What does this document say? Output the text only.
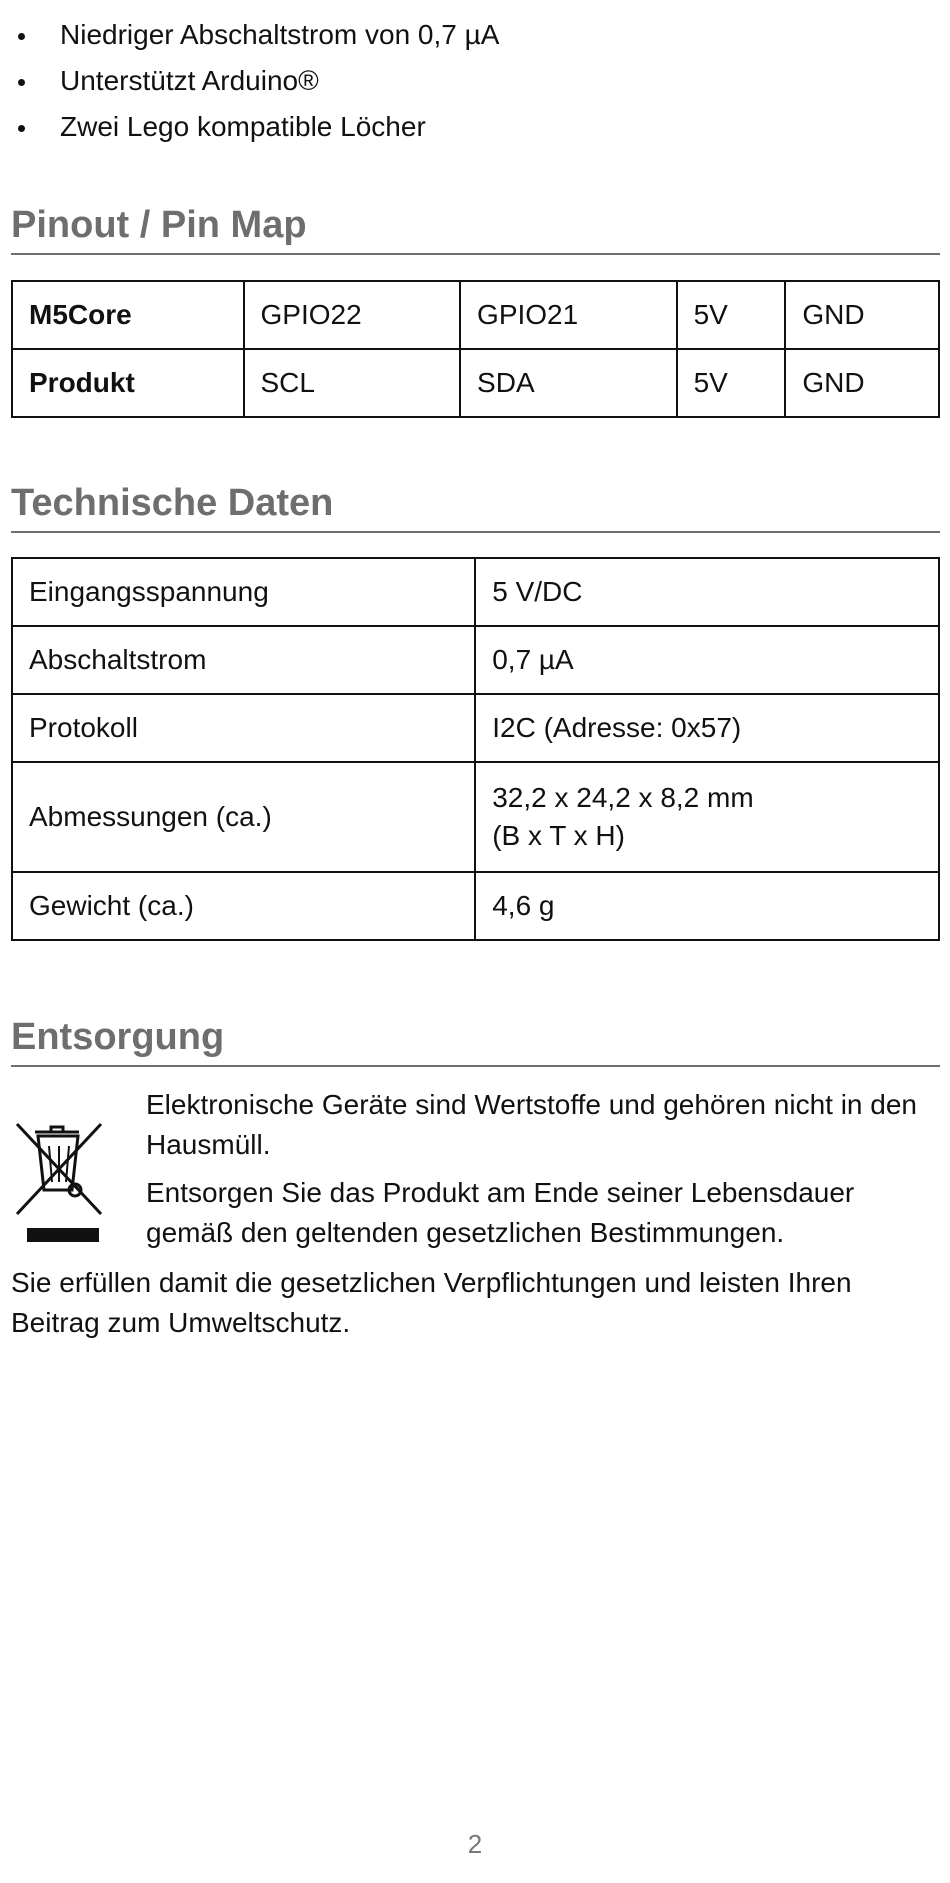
Niedriger Abschaltstrom von 0,7 µA
Unterstützt Arduino®
Zwei Lego kompatible Löcher
Pinout / Pin Map
M5Core	GPIO22	GPIO21	5V	GND
Produkt	SCL	SDA	5V	GND
Technische Daten
Eingangsspannung	5 V/DC
Abschaltstrom	0,7 µA
Protokoll	I2C (Adresse: 0x57)
Abmessungen (ca.)	32,2 x 24,2 x 8,2 mm
(B x T x H)

Gewicht (ca.)	4,6 g
Entsorgung

Elektronische Geräte sind Wertstoffe und gehören nicht in den Hausmüll.

Entsorgen Sie das Produkt am Ende seiner Lebensdauer gemäß den geltenden gesetzlichen Bestimmungen.

Sie erfüllen damit die gesetzlichen Verpflichtungen und leisten Ihren Beitrag zum Umweltschutz.

2
